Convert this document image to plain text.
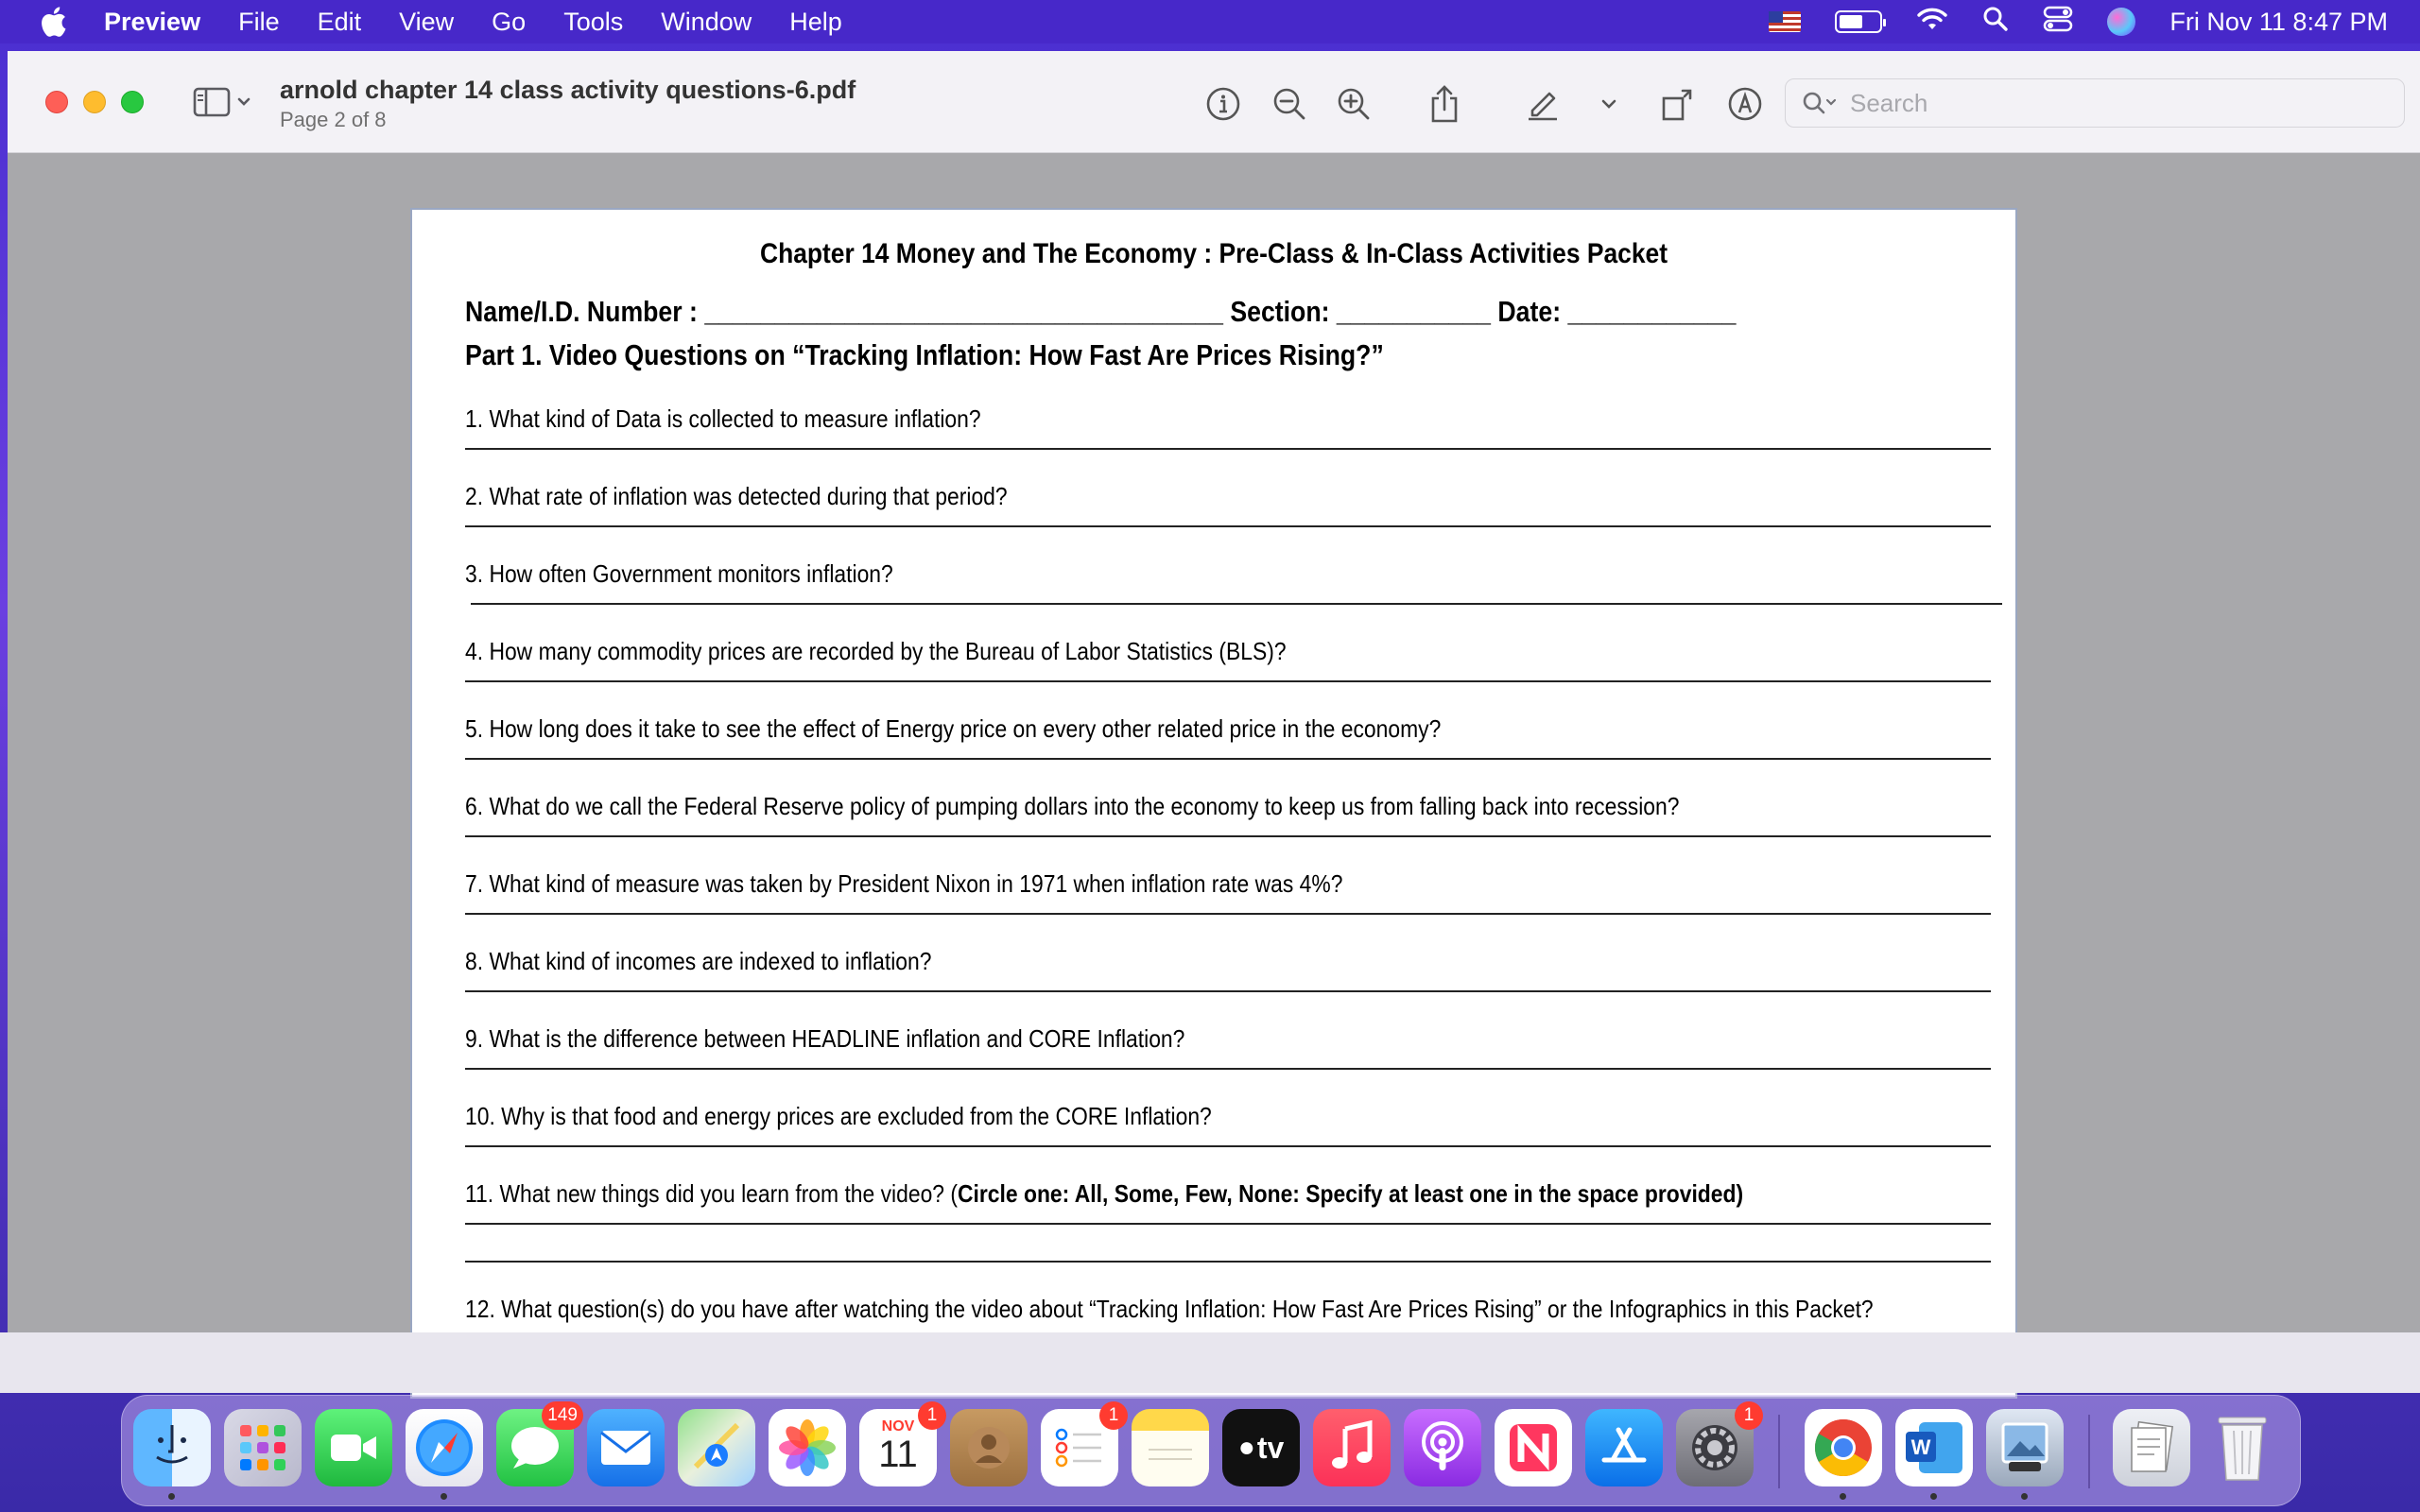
Preview File Edit View Go Tools Window Help	Fri Nov 11 8:47 PM
arnold chapter 14 class activity questions-6.pdf
Page 2 of 8
Search
Chapter 14 Money and The Economy : Pre-Class & In-Class Activities Packet
Name/I.D. Number : _____________________________________ Section: ___________ Date: ____________
Part 1. Video Questions on “Tracking Inflation: How Fast Are Prices Rising?”
1. What kind of Data is collected to measure inflation?
2. What rate of inflation was detected during that period?
3. How often Government monitors inflation?
4. How many commodity prices are recorded by the Bureau of Labor Statistics (BLS)?
5. How long does it take to see the effect of Energy price on every other related price in the economy?
6. What do we call the Federal Reserve policy of pumping dollars into the economy to keep us from falling back into recession?
7. What kind of measure was taken by President Nixon in 1971 when inflation rate was 4%?
8. What kind of incomes are indexed to inflation?
9. What is the difference between HEADLINE inflation and CORE Inflation?
10. Why is that food and energy prices are excluded from the CORE Inflation?
11. What new things did you learn from the video? (Circle one: All, Some, Few, None: Specify at least one in the space provided)
12. What question(s) do you have after watching the video about “Tracking Inflation: How Fast Are Prices Rising” or the Infographics in this Packet?
149
NOV
11
1	1
● tv
1
W
